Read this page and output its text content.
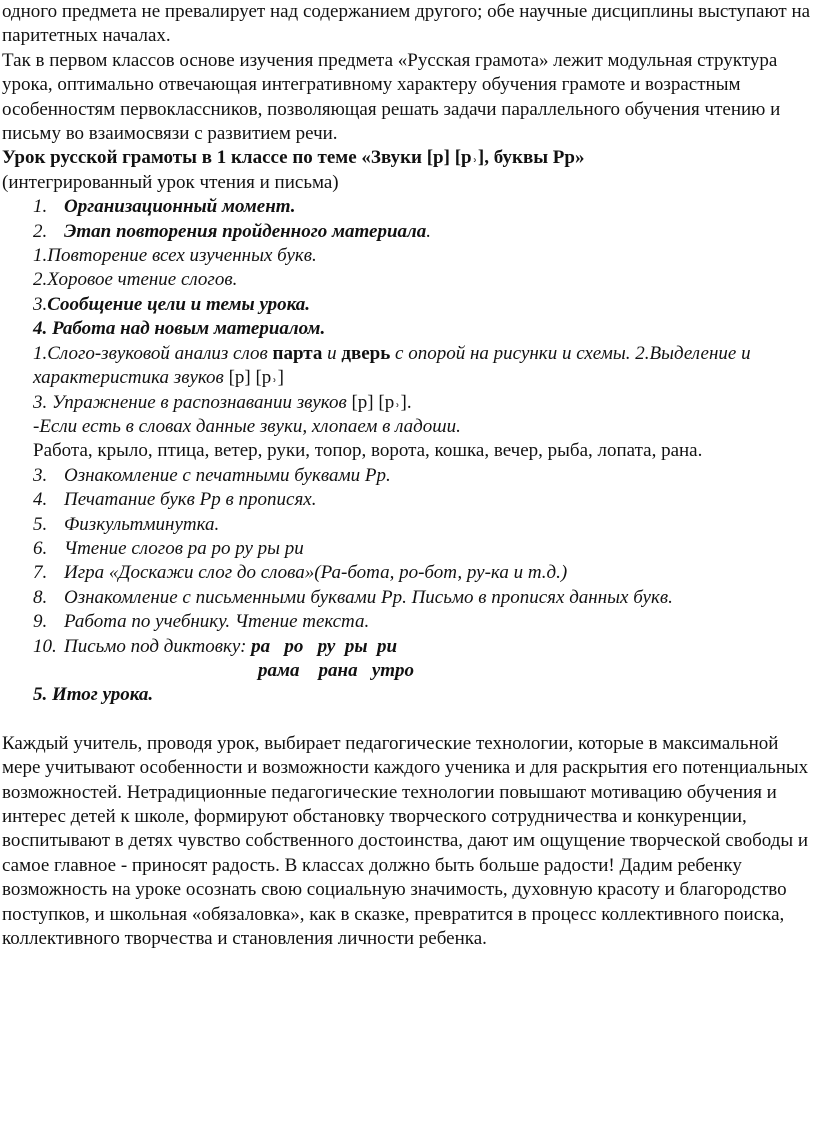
одного предмета не превалирует над содержанием другого; обе научные дисциплины выступают на паритетных началах.

Так в первом классов основе изучения предмета «Русская грамота» лежит модульная структура урока, оптимально отвечающая интегративному характеру обучения грамоте и возрастным особенностям первоклассников, позволяющая решать задачи параллельного обучения чтению и письму во взаимосвязи с развитием речи.

Урок русской грамоты в 1 классе по теме «Звуки [р] [р˒], буквы Рр»

(интегрированный урок чтения и письма)

1. Организационный момент.

2. Этап повторения пройденного материала.

1.Повторение всех изученных букв.

2.Хоровое чтение слогов.

3.Сообщение цели и темы урока.

4. Работа над новым материалом.

1.Слого-звуковой анализ слов парта и дверь с опорой на рисунки и схемы. 2.Выделение и характеристика звуков [р] [р˒]

3. Упражнение в распознавании звуков [р] [р˒].

-Если есть в словах данные звуки, хлопаем в ладоши.

Работа, крыло, птица, ветер, руки, топор, ворота, кошка, вечер, рыба, лопата, рана.

3. Ознакомление с печатными буквами Рр.

4. Печатание букв Рр в прописях.

5. Физкультминутка.

6. Чтение слогов ра ро ру ры ри

7. Игра «Доскажи слог до слова»(Ра-бота, ро-бот, ру-ка и т.д.)

8. Ознакомление с письменными буквами Рр. Письмо в прописях данных букв.

9. Работа по учебнику. Чтение текста.

10. Письмо под диктовку: ра   ро   ру  ры  ри

рама    рана   утро

5. Итог урока.

Каждый учитель, проводя урок, выбирает педагогические технологии, которые в максимальной мере учитывают особенности и возможности каждого ученика и для раскрытия его потенциальных возможностей. Нетрадиционные педагогические технологии повышают мотивацию обучения и интерес детей к школе, формируют обстановку творческого сотрудничества и конкуренции, воспитывают в детях чувство собственного достоинства, дают им ощущение творческой свободы и самое главное - приносят радость. В классах должно быть больше радости! Дадим ребенку возможность на уроке осознать свою социальную значимость, духовную красоту и благородство поступков, и школьная «обязаловка», как в сказке, превратится в процесс коллективного поиска, коллективного творчества и становления личности ребенка.
